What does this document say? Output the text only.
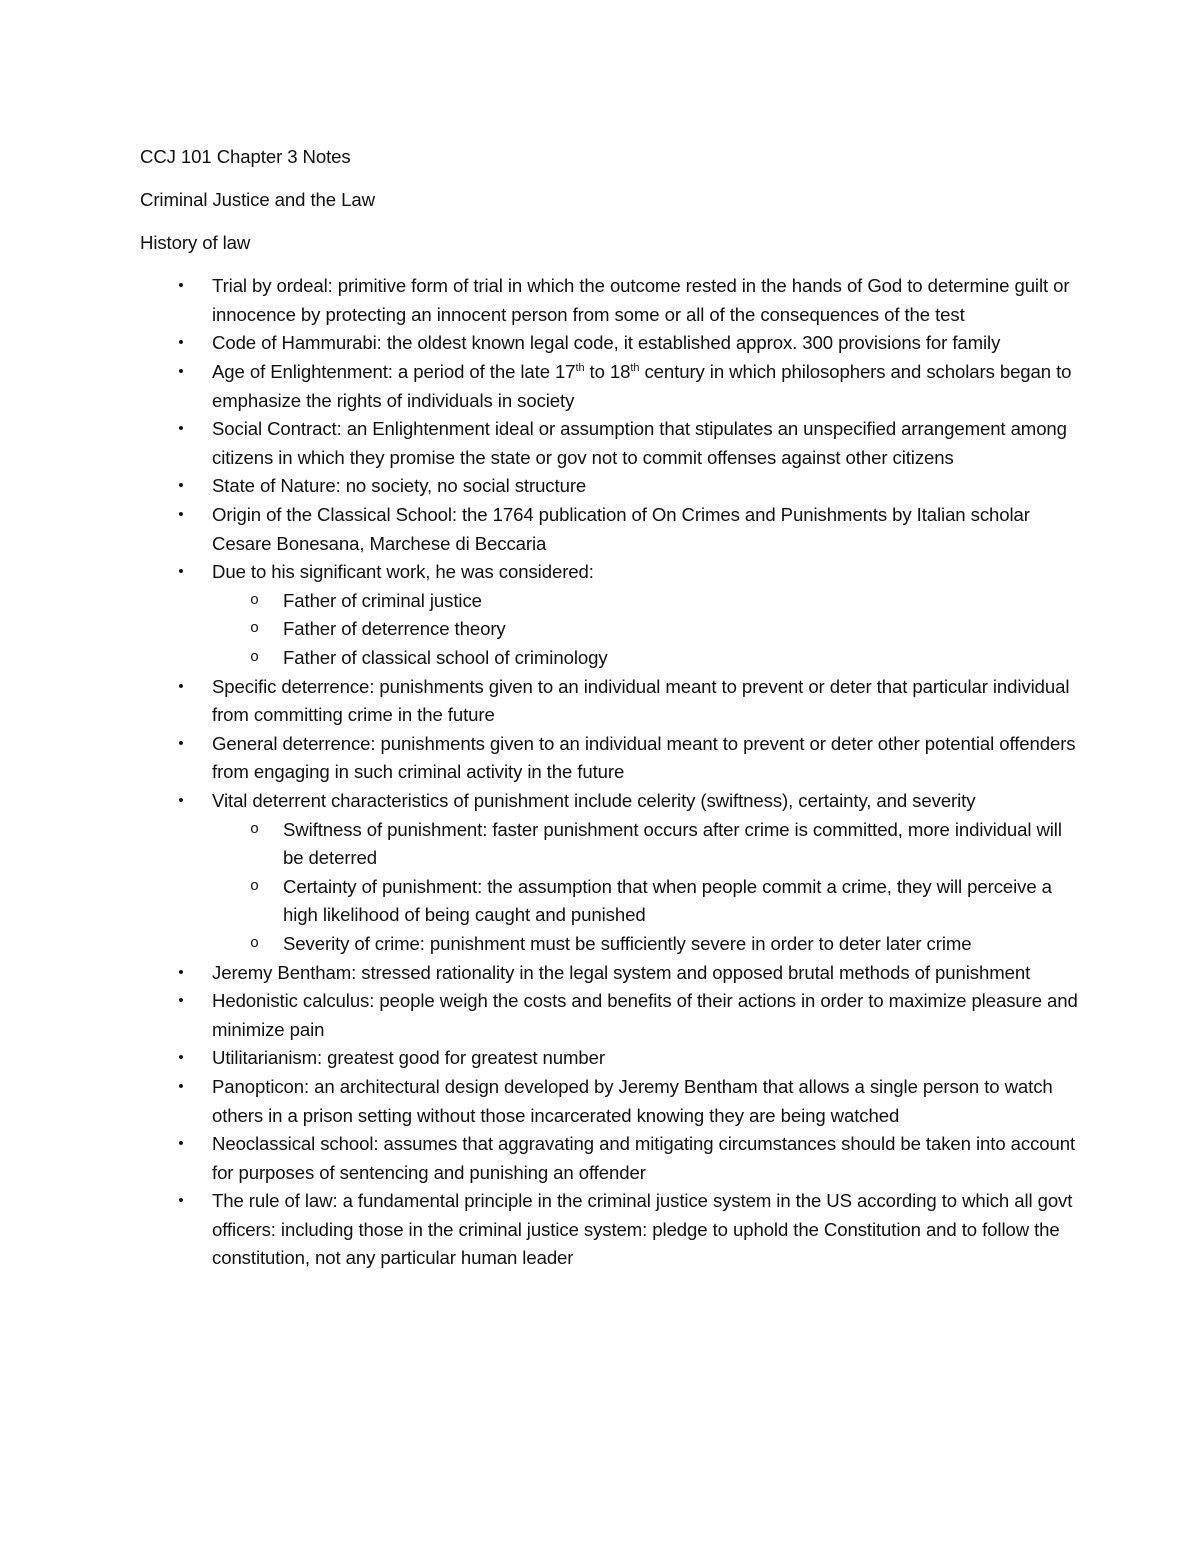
CCJ 101 Chapter 3 Notes

Criminal Justice and the Law

History of law

• Trial by ordeal: primitive form of trial in which the outcome rested in the hands of God to determine guilt or innocence by protecting an innocent person from some or all of the consequences of the test
• Code of Hammurabi: the oldest known legal code, it established approx. 300 provisions for family
• Age of Enlightenment: a period of the late 17th to 18th century in which philosophers and scholars began to emphasize the rights of individuals in society
• Social Contract: an Enlightenment ideal or assumption that stipulates an unspecified arrangement among citizens in which they promise the state or gov not to commit offenses against other citizens
• State of Nature: no society, no social structure
• Origin of the Classical School: the 1764 publication of On Crimes and Punishments by Italian scholar Cesare Bonesana, Marchese di Beccaria
• Due to his significant work, he was considered:
o Father of criminal justice
o Father of deterrence theory
o Father of classical school of criminology
• Specific deterrence: punishments given to an individual meant to prevent or deter that particular individual from committing crime in the future
• General deterrence: punishments given to an individual meant to prevent or deter other potential offenders from engaging in such criminal activity in the future
• Vital deterrent characteristics of punishment include celerity (swiftness), certainty, and severity
o Swiftness of punishment: faster punishment occurs after crime is committed, more individual will be deterred
o Certainty of punishment: the assumption that when people commit a crime, they will perceive a high likelihood of being caught and punished
o Severity of crime: punishment must be sufficiently severe in order to deter later crime
• Jeremy Bentham: stressed rationality in the legal system and opposed brutal methods of punishment
• Hedonistic calculus: people weigh the costs and benefits of their actions in order to maximize pleasure and minimize pain
• Utilitarianism: greatest good for greatest number
• Panopticon: an architectural design developed by Jeremy Bentham that allows a single person to watch others in a prison setting without those incarcerated knowing they are being watched
• Neoclassical school: assumes that aggravating and mitigating circumstances should be taken into account for purposes of sentencing and punishing an offender
• The rule of law: a fundamental principle in the criminal justice system in the US according to which all govt officers: including those in the criminal justice system: pledge to uphold the Constitution and to follow the constitution, not any particular human leader
